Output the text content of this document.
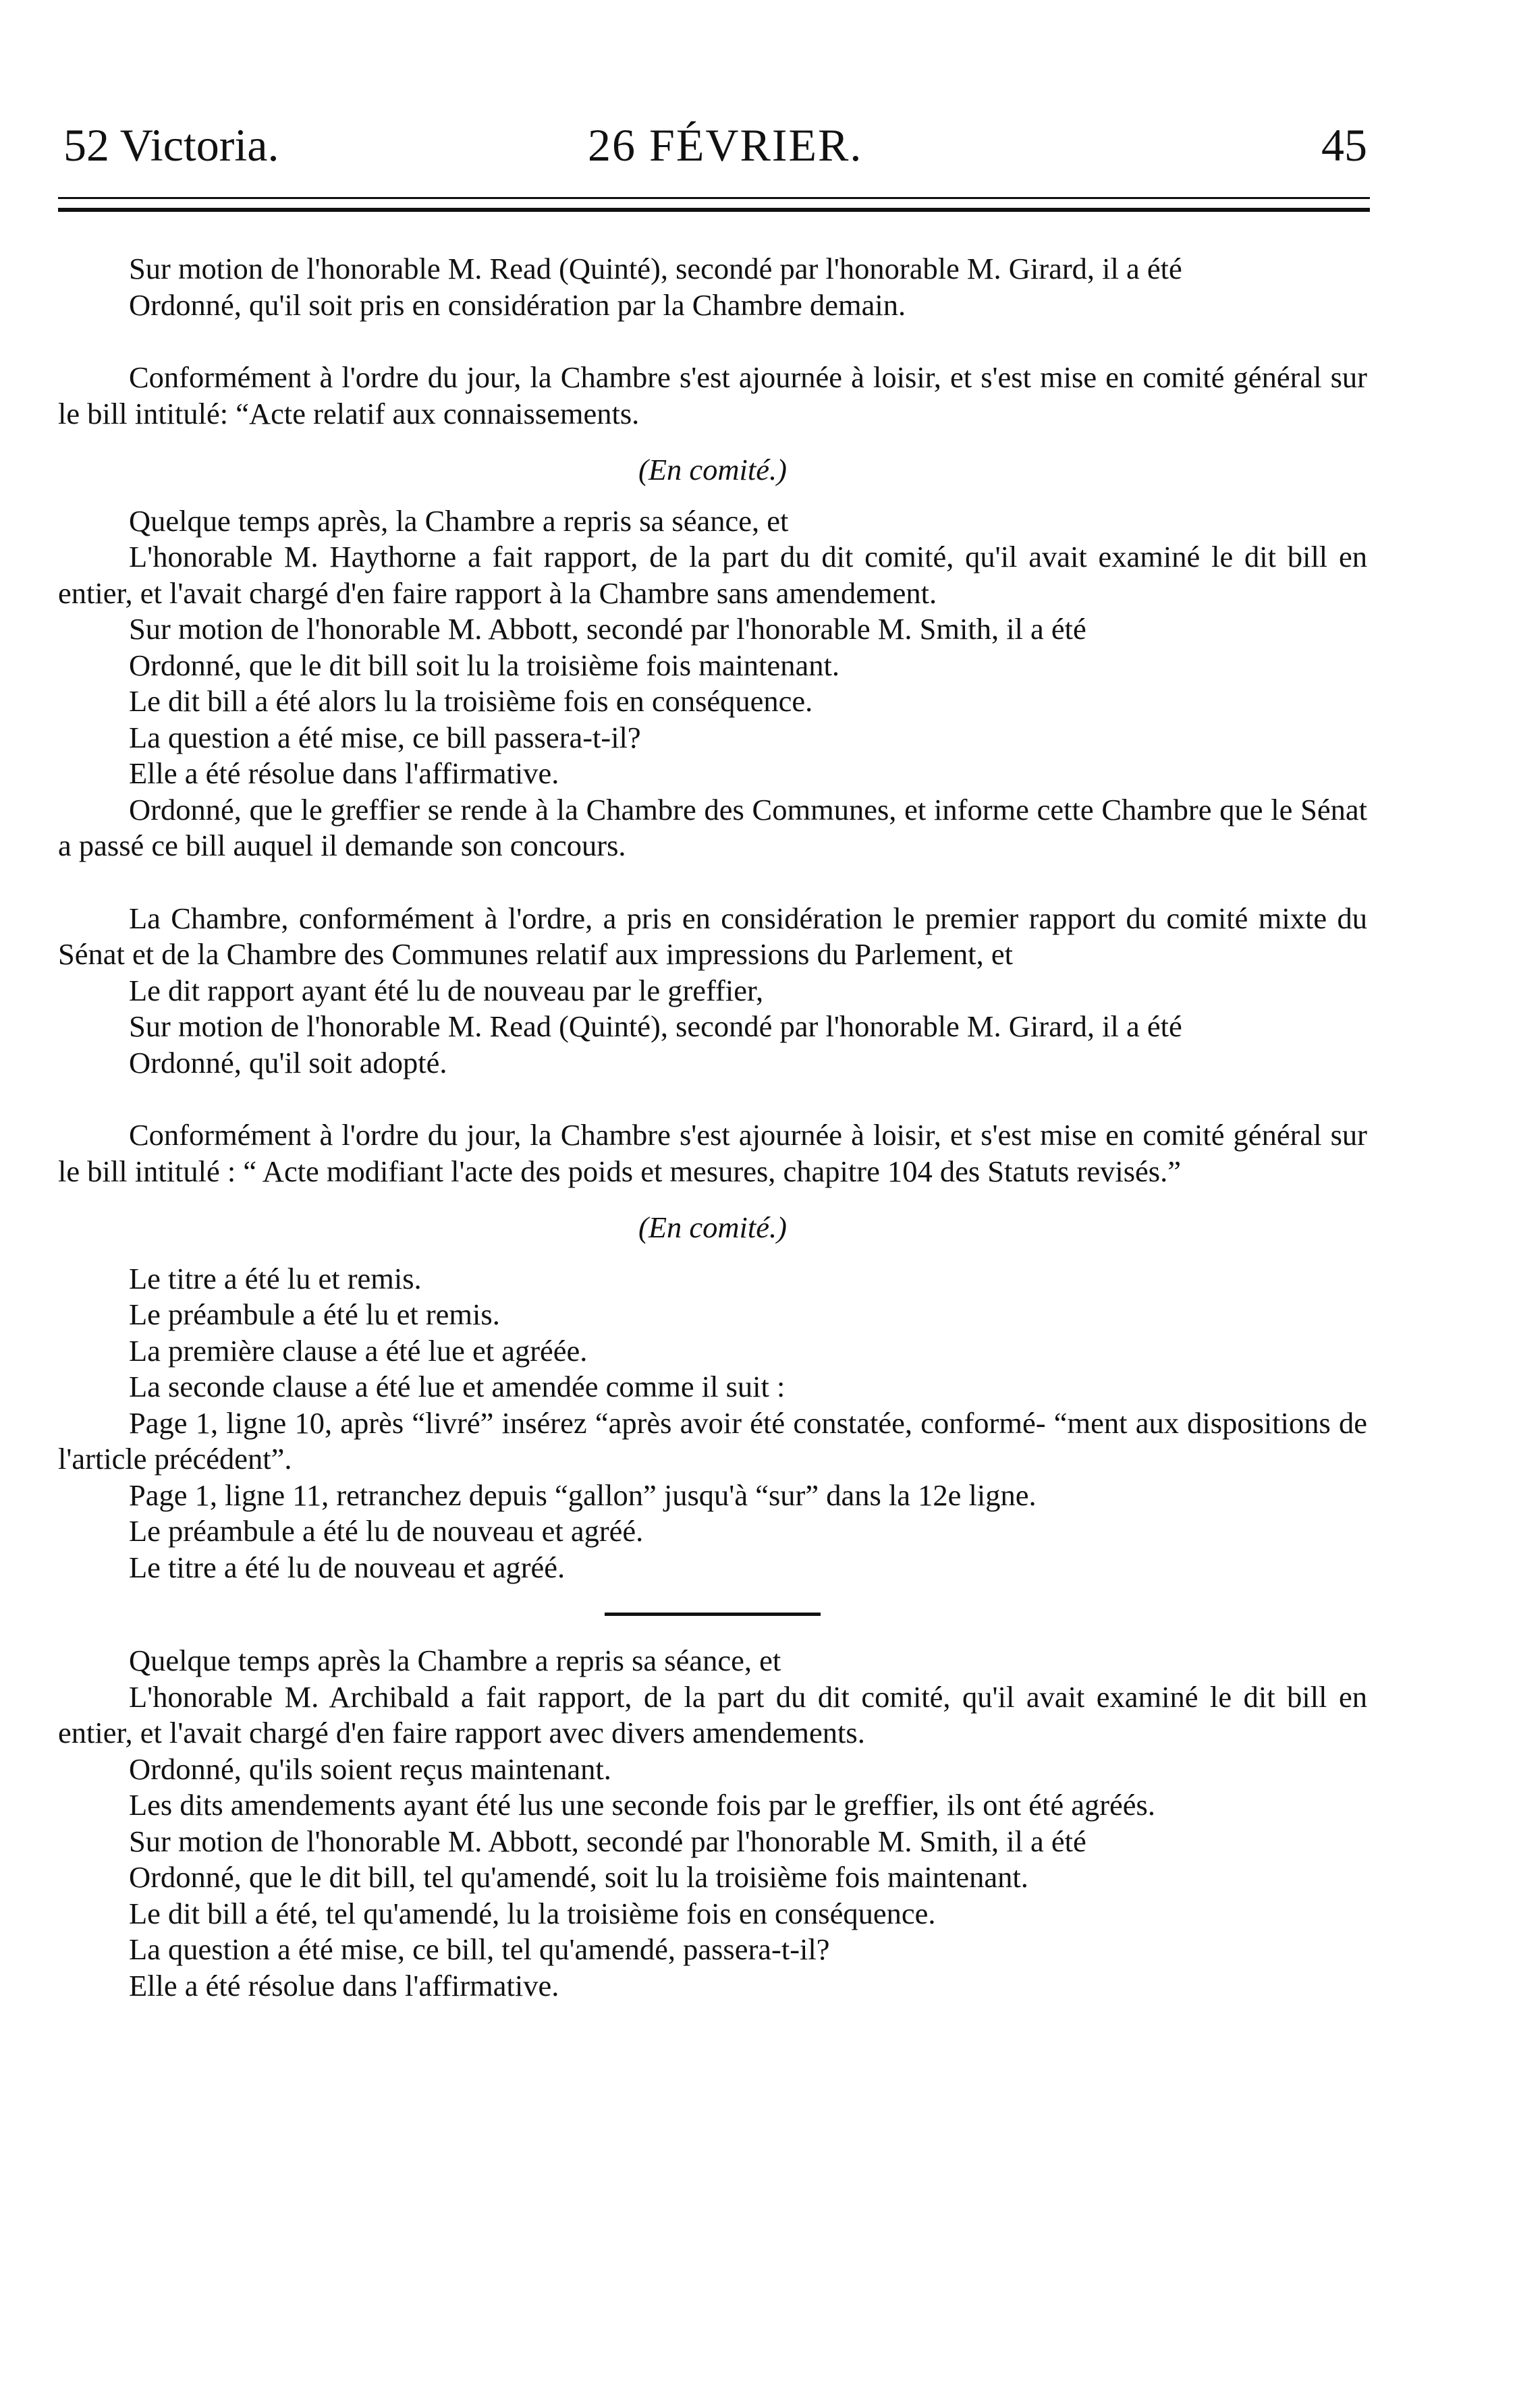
52 Victoria.	26 FÉVRIER.	45

Sur motion de l'honorable M. Read (Quinté), secondé par l'honorable M. Girard, il a été

Ordonné, qu'il soit pris en considération par la Chambre demain.

Conformément à l'ordre du jour, la Chambre s'est ajournée à loisir, et s'est mise en comité général sur le bill intitulé: “Acte relatif aux connaissements.

(En comité.)

Quelque temps après, la Chambre a repris sa séance, et

L'honorable M. Haythorne a fait rapport, de la part du dit comité, qu'il avait examiné le dit bill en entier, et l'avait chargé d'en faire rapport à la Chambre sans amendement.

Sur motion de l'honorable M. Abbott, secondé par l'honorable M. Smith, il a été

Ordonné, que le dit bill soit lu la troisième fois maintenant.

Le dit bill a été alors lu la troisième fois en conséquence.

La question a été mise, ce bill passera-t-il?

Elle a été résolue dans l'affirmative.

Ordonné, que le greffier se rende à la Chambre des Communes, et informe cette Chambre que le Sénat a passé ce bill auquel il demande son concours.

La Chambre, conformément à l'ordre, a pris en considération le premier rapport du comité mixte du Sénat et de la Chambre des Communes relatif aux impressions du Parlement, et

Le dit rapport ayant été lu de nouveau par le greffier,

Sur motion de l'honorable M. Read (Quinté), secondé par l'honorable M. Girard, il a été

Ordonné, qu'il soit adopté.

Conformément à l'ordre du jour, la Chambre s'est ajournée à loisir, et s'est mise en comité général sur le bill intitulé : “ Acte modifiant l'acte des poids et mesures, chapitre 104 des Statuts revisés.”

(En comité.)

Le titre a été lu et remis.

Le préambule a été lu et remis.

La première clause a été lue et agréée.

La seconde clause a été lue et amendée comme il suit :

Page 1, ligne 10, après “livré” insérez “après avoir été constatée, conformé- “ment aux dispositions de l'article précédent”.

Page 1, ligne 11, retranchez depuis “gallon” jusqu'à “sur” dans la 12e ligne.

Le préambule a été lu de nouveau et agréé.

Le titre a été lu de nouveau et agréé.

Quelque temps après la Chambre a repris sa séance, et

L'honorable M. Archibald a fait rapport, de la part du dit comité, qu'il avait examiné le dit bill en entier, et l'avait chargé d'en faire rapport avec divers amendements.

Ordonné, qu'ils soient reçus maintenant.

Les dits amendements ayant été lus une seconde fois par le greffier, ils ont été agréés.

Sur motion de l'honorable M. Abbott, secondé par l'honorable M. Smith, il a été

Ordonné, que le dit bill, tel qu'amendé, soit lu la troisième fois maintenant.

Le dit bill a été, tel qu'amendé, lu la troisième fois en conséquence.

La question a été mise, ce bill, tel qu'amendé, passera-t-il?

Elle a été résolue dans l'affirmative.
